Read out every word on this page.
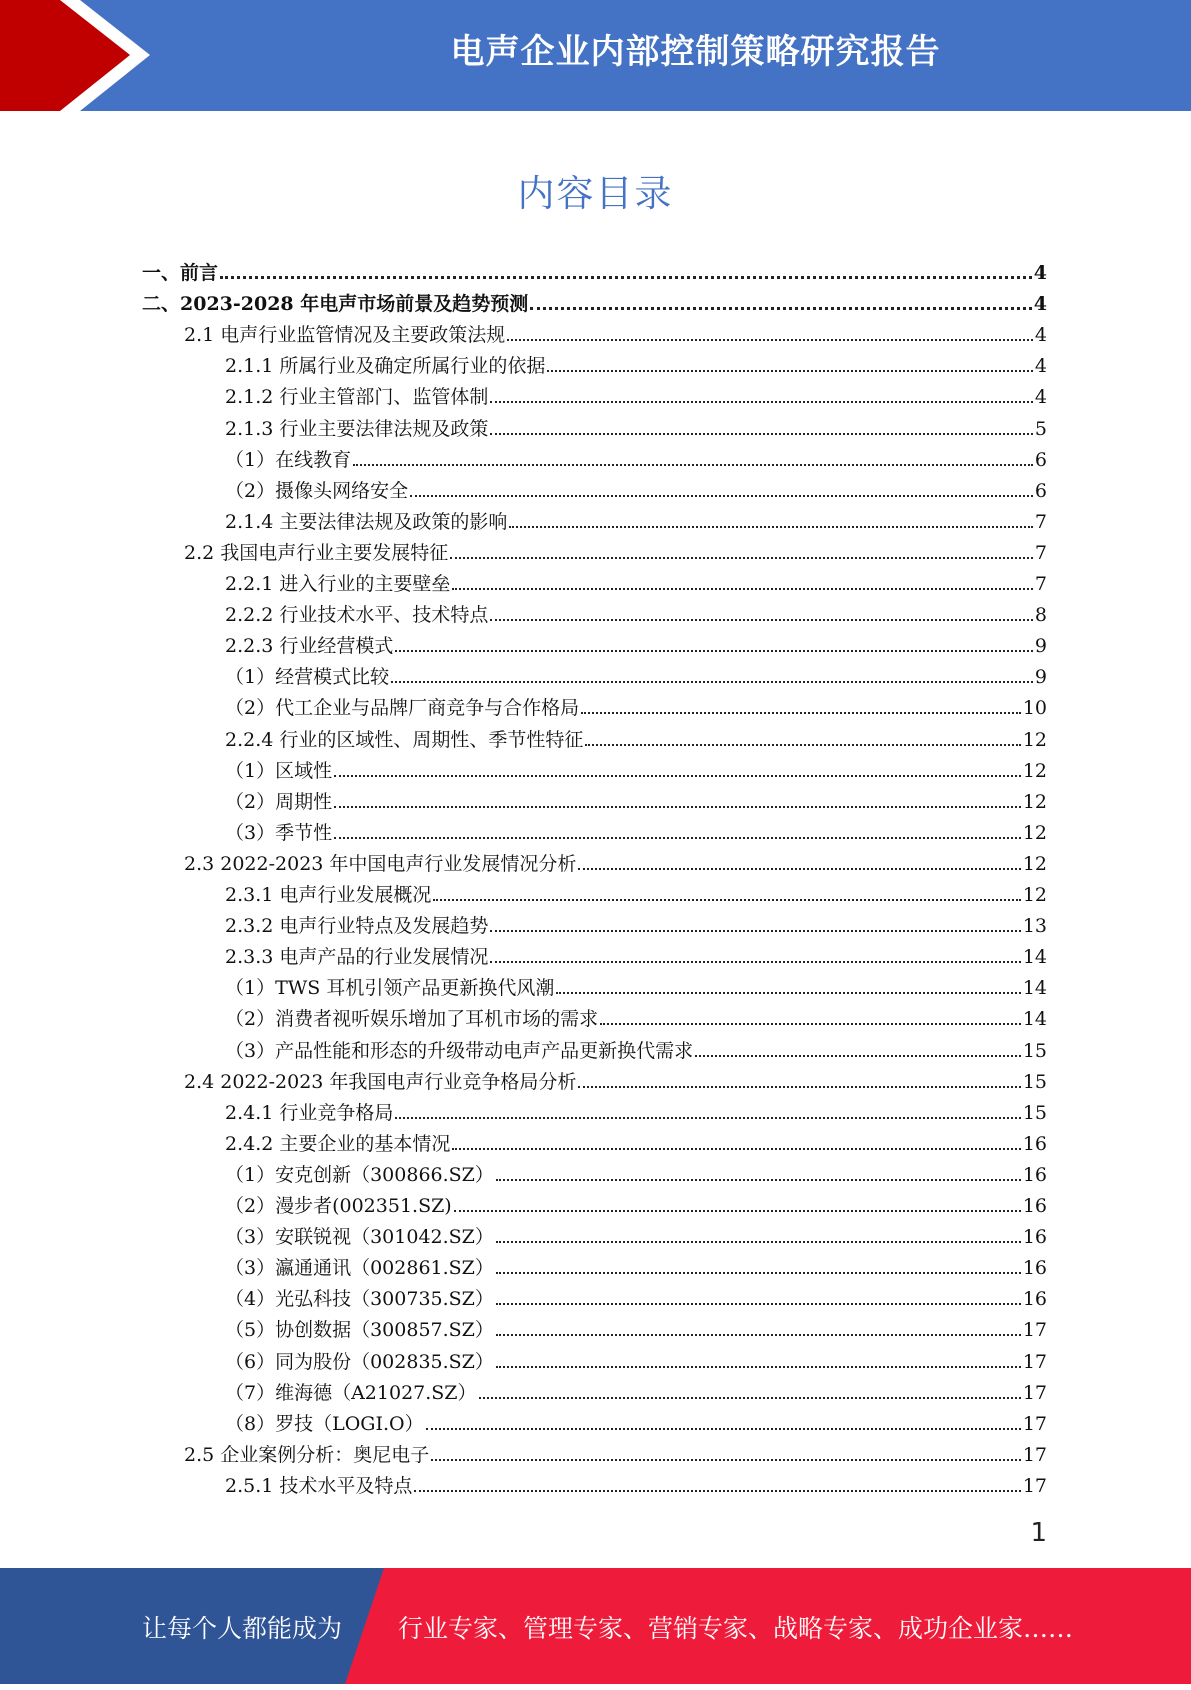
电声企业内部控制策略研究报告
内容目录
一、前言	4
二、2023-2028 年电声市场前景及趋势预测	4
2.1 电声行业监管情况及主要政策法规	4
2.1.1 所属行业及确定所属行业的依据	4
2.1.2 行业主管部门、监管体制	4
2.1.3 行业主要法律法规及政策	5
（1）在线教育	6
（2）摄像头网络安全	6
2.1.4 主要法律法规及政策的影响	7
2.2 我国电声行业主要发展特征	7
2.2.1 进入行业的主要壁垒	7
2.2.2 行业技术水平、技术特点	8
2.2.3 行业经营模式	9
（1）经营模式比较	9
（2）代工企业与品牌厂商竞争与合作格局	10
2.2.4 行业的区域性、周期性、季节性特征	12
（1）区域性	12
（2）周期性	12
（3）季节性	12
2.3 2022-2023 年中国电声行业发展情况分析	12
2.3.1 电声行业发展概况	12
2.3.2 电声行业特点及发展趋势	13
2.3.3 电声产品的行业发展情况	14
（1）TWS 耳机引领产品更新换代风潮	14
（2）消费者视听娱乐增加了耳机市场的需求	14
（3）产品性能和形态的升级带动电声产品更新换代需求	15
2.4 2022-2023 年我国电声行业竞争格局分析	15
2.4.1 行业竞争格局	15
2.4.2 主要企业的基本情况	16
（1）安克创新（300866.SZ）	16
（2）漫步者(002351.SZ)	16
（3）安联锐视（301042.SZ）	16
（3）瀛通通讯（002861.SZ）	16
（4）光弘科技（300735.SZ）	16
（5）协创数据（300857.SZ）	17
（6）同为股份（002835.SZ）	17
（7）维海德（A21027.SZ）	17
（8）罗技（LOGI.O）	17
2.5 企业案例分析：奥尼电子	17
2.5.1 技术水平及特点	17
1
让每个人都能成为 行业专家、管理专家、营销专家、战略专家、成功企业家……
